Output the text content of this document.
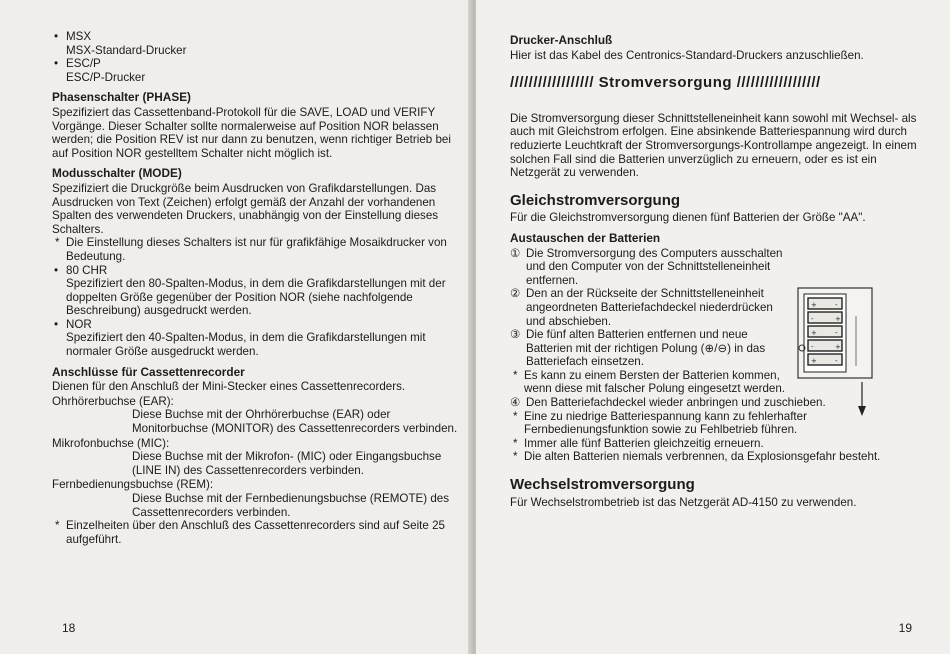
• MSX
MSX-Standard-Drucker
• ESC/P
ESC/P-Drucker
Phasenschalter (PHASE)
Spezifiziert das Cassettenband-Protokoll für die SAVE, LOAD und VERIFY Vorgänge. Dieser Schalter sollte normalerweise auf Position NOR belassen werden; die Position REV ist nur dann zu benutzen, wenn richtiger Betrieb bei auf Position NOR gestelltem Schalter nicht möglich ist.
Modusschalter (MODE)
Spezifiziert die Druckgröße beim Ausdrucken von Grafikdarstellungen. Das Ausdrucken von Text (Zeichen) erfolgt gemäß der Anzahl der vorhandenen Spalten des verwendeten Druckers, unabhängig von der Einstellung dieses Schalters.
* Die Einstellung dieses Schalters ist nur für grafikfähige Mosaikdrucker von Bedeutung.
• 80 CHR
Spezifiziert den 80-Spalten-Modus, in dem die Grafikdarstellungen mit der doppelten Größe gegenüber der Position NOR (siehe nachfolgende Beschreibung) ausgedruckt werden.
• NOR
Spezifiziert den 40-Spalten-Modus, in dem die Grafikdarstellungen mit normaler Größe ausgedruckt werden.
Anschlüsse für Cassettenrecorder
Dienen für den Anschluß der Mini-Stecker eines Cassettenrecorders.
Ohrhörerbuchse (EAR):
Diese Buchse mit der Ohrhörerbuchse (EAR) oder Monitorbuchse (MONITOR) des Cassettenrecorders verbinden.
Mikrofonbuchse (MIC):
Diese Buchse mit der Mikrofon- (MIC) oder Eingangsbuchse (LINE IN) des Cassettenrecorders verbinden.
Fernbedienungsbuchse (REM):
Diese Buchse mit der Fernbedienungsbuchse (REMOTE) des Cassettenrecorders verbinden.
* Einzelheiten über den Anschluß des Cassettenrecorders sind auf Seite 25 aufgeführt.
18
Drucker-Anschluß
Hier ist das Kabel des Centronics-Standard-Druckers anzuschließen.
////////////////// Stromversorgung //////////////////
Die Stromversorgung dieser Schnittstelleneinheit kann sowohl mit Wechsel- als auch mit Gleichstrom erfolgen. Eine absinkende Batteriespannung wird durch reduzierte Leuchtkraft der Stromversorgungs-Kontrollampe angezeigt. In einem solchen Fall sind die Batterien unverzüglich zu erneuern, oder es ist ein Netzgerät zu verwenden.
Gleichstromversorgung
Für die Gleichstromversorgung dienen fünf Batterien der Größe "AA".
Austauschen der Batterien
① Die Stromversorgung des Computers ausschalten und den Computer von der Schnittstelleneinheit entfernen.
② Den an der Rückseite der Schnittstelleneinheit angeordneten Batteriefachdeckel niederdrücken und abschieben.
③ Die fünf alten Batterien entfernen und neue Batterien mit der richtigen Polung (⊕/⊖) in das Batteriefach einsetzen.
* Es kann zu einem Bersten der Batterien kommen, wenn diese mit falscher Polung eingesetzt werden.
④ Den Batteriefachdeckel wieder anbringen und zuschieben.
* Eine zu niedrige Batteriespannung kann zu fehlerhafter Fernbedienungsfunktion sowie zu Fehlbetrieb führen.
* Immer alle fünf Batterien gleichzeitig erneuern.
* Die alten Batterien niemals verbrennen, da Explosionsgefahr besteht.
Wechselstromversorgung
Für Wechselstrombetrieb ist das Netzgerät AD-4150 zu verwenden.
19
+	-
-	+
+	-
-	+
+	-
